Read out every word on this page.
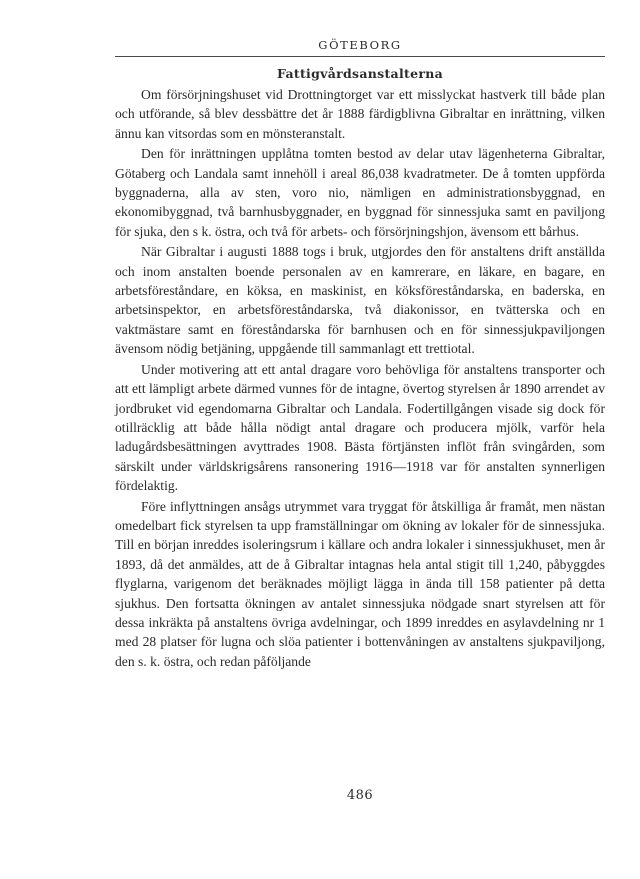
GÖTEBORG
Fattigvårdsanstalterna

Om försörjningshuset vid Drottningtorget var ett misslyckat hastverk till både plan och utförande, så blev dessbättre det år 1888 färdigblivna Gibraltar en inrättning, vilken ännu kan vitsordas som en mönsteranstalt.

Den för inrättningen upplåtna tomten bestod av delar utav lägenheterna Gibraltar, Götaberg och Landala samt innehöll i areal 86,038 kvadratmeter. De å tomten uppförda byggnaderna, alla av sten, voro nio, nämligen en administrationsbyggnad, en ekonomibyggnad, två barnhusbyggnader, en byggnad för sinnessjuka samt en paviljong för sjuka, den s k. östra, och två för arbets- och försörjningshjon, ävensom ett bårhus.

När Gibraltar i augusti 1888 togs i bruk, utgjordes den för anstaltens drift anställda och inom anstalten boende personalen av en kamrerare, en läkare, en bagare, en arbetsföreståndare, en köksa, en maskinist, en köksföreståndarska, en baderska, en arbetsinspektor, en arbetsföreståndarska, två diakonissor, en tvätterska och en vaktmästare samt en föreståndarska för barnhusen och en för sinnessjukpaviljongen ävensom nödig betjäning, uppgående till sammanlagt ett trettiotal.

Under motivering att ett antal dragare voro behövliga för anstaltens transporter och att ett lämpligt arbete därmed vunnes för de intagne, övertog styrelsen år 1890 arrendet av jordbruket vid egendomarna Gibraltar och Landala. Fodertillgången visade sig dock för otillräcklig att både hålla nödigt antal dragare och producera mjölk, varför hela ladugårdsbesättningen avyttrades 1908. Bästa förtjänsten inflöt från svingården, som särskilt under världskrigsårens ransonering 1916—1918 var för anstalten synnerligen fördelaktig.

Före inflyttningen ansågs utrymmet vara tryggat för åtskilliga år framåt, men nästan omedelbart fick styrelsen ta upp framställningar om ökning av lokaler för de sinnessjuka. Till en början inreddes isoleringsrum i källare och andra lokaler i sinnessjukhuset, men år 1893, då det anmäldes, att de å Gibraltar intagnas hela antal stigit till 1,240, påbyggdes flyglarna, varigenom det beräknades möjligt lägga in ända till 158 patienter på detta sjukhus. Den fortsatta ökningen av antalet sinnessjuka nödgade snart styrelsen att för dessa inkräkta på anstaltens övriga avdelningar, och 1899 inreddes en asylavdelning nr 1 med 28 platser för lugna och slöa patienter i bottenvåningen av anstaltens sjukpaviljong, den s. k. östra, och redan påföljande

486
